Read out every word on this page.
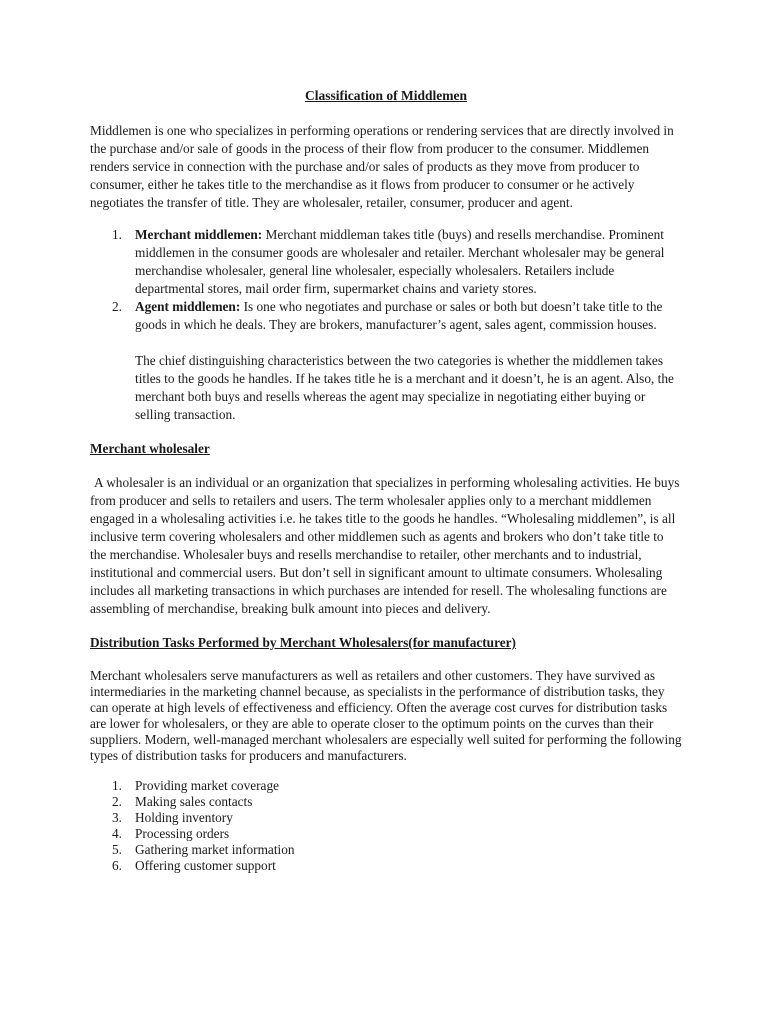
Classification of Middlemen

Middlemen is one who specializes in performing operations or rendering services that are directly involved in the purchase and/or sale of goods in the process of their flow from producer to the consumer. Middlemen renders service in connection with the purchase and/or sales of products as they move from producer to consumer, either he takes title to the merchandise as it flows from producer to consumer or he actively negotiates the transfer of title. They are wholesaler, retailer, consumer, producer and agent.

1. Merchant middlemen: Merchant middleman takes title (buys) and resells merchandise. Prominent middlemen in the consumer goods are wholesaler and retailer. Merchant wholesaler may be general merchandise wholesaler, general line wholesaler, especially wholesalers. Retailers include departmental stores, mail order firm, supermarket chains and variety stores.
2. Agent middlemen: Is one who negotiates and purchase or sales or both but doesn’t take title to the goods in which he deals. They are brokers, manufacturer’s agent, sales agent, commission houses.

The chief distinguishing characteristics between the two categories is whether the middlemen takes titles to the goods he handles. If he takes title he is a merchant and it doesn’t, he is an agent. Also, the merchant both buys and resells whereas the agent may specialize in negotiating either buying or selling transaction.

Merchant wholesaler

A wholesaler is an individual or an organization that specializes in performing wholesaling activities. He buys from producer and sells to retailers and users. The term wholesaler applies only to a merchant middlemen engaged in a wholesaling activities i.e. he takes title to the goods he handles. “Wholesaling middlemen”, is all inclusive term covering wholesalers and other middlemen such as agents and brokers who don’t take title to the merchandise. Wholesaler buys and resells merchandise to retailer, other merchants and to industrial, institutional and commercial users. But don’t sell in significant amount to ultimate consumers. Wholesaling includes all marketing transactions in which purchases are intended for resell. The wholesaling functions are assembling of merchandise, breaking bulk amount into pieces and delivery.

Distribution Tasks Performed by Merchant Wholesalers(for manufacturer)

Merchant wholesalers serve manufacturers as well as retailers and other customers. They have survived as intermediaries in the marketing channel because, as specialists in the performance of distribution tasks, they can operate at high levels of effectiveness and efficiency. Often the average cost curves for distribution tasks are lower for wholesalers, or they are able to operate closer to the optimum points on the curves than their suppliers. Modern, well-managed merchant wholesalers are especially well suited for performing the following types of distribution tasks for producers and manufacturers.

1. Providing market coverage
2. Making sales contacts
3. Holding inventory
4. Processing orders
5. Gathering market information
6. Offering customer support
